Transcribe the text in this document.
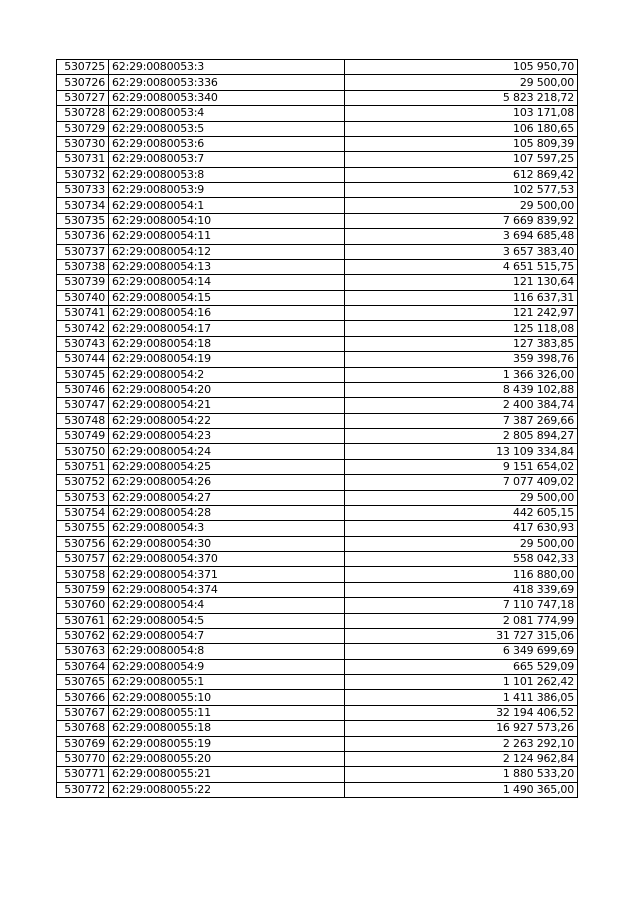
530725	62:29:0080053:3	105 950,70
530726	62:29:0080053:336	29 500,00
530727	62:29:0080053:340	5 823 218,72
530728	62:29:0080053:4	103 171,08
530729	62:29:0080053:5	106 180,65
530730	62:29:0080053:6	105 809,39
530731	62:29:0080053:7	107 597,25
530732	62:29:0080053:8	612 869,42
530733	62:29:0080053:9	102 577,53
530734	62:29:0080054:1	29 500,00
530735	62:29:0080054:10	7 669 839,92
530736	62:29:0080054:11	3 694 685,48
530737	62:29:0080054:12	3 657 383,40
530738	62:29:0080054:13	4 651 515,75
530739	62:29:0080054:14	121 130,64
530740	62:29:0080054:15	116 637,31
530741	62:29:0080054:16	121 242,97
530742	62:29:0080054:17	125 118,08
530743	62:29:0080054:18	127 383,85
530744	62:29:0080054:19	359 398,76
530745	62:29:0080054:2	1 366 326,00
530746	62:29:0080054:20	8 439 102,88
530747	62:29:0080054:21	2 400 384,74
530748	62:29:0080054:22	7 387 269,66
530749	62:29:0080054:23	2 805 894,27
530750	62:29:0080054:24	13 109 334,84
530751	62:29:0080054:25	9 151 654,02
530752	62:29:0080054:26	7 077 409,02
530753	62:29:0080054:27	29 500,00
530754	62:29:0080054:28	442 605,15
530755	62:29:0080054:3	417 630,93
530756	62:29:0080054:30	29 500,00
530757	62:29:0080054:370	558 042,33
530758	62:29:0080054:371	116 880,00
530759	62:29:0080054:374	418 339,69
530760	62:29:0080054:4	7 110 747,18
530761	62:29:0080054:5	2 081 774,99
530762	62:29:0080054:7	31 727 315,06
530763	62:29:0080054:8	6 349 699,69
530764	62:29:0080054:9	665 529,09
530765	62:29:0080055:1	1 101 262,42
530766	62:29:0080055:10	1 411 386,05
530767	62:29:0080055:11	32 194 406,52
530768	62:29:0080055:18	16 927 573,26
530769	62:29:0080055:19	2 263 292,10
530770	62:29:0080055:20	2 124 962,84
530771	62:29:0080055:21	1 880 533,20
530772	62:29:0080055:22	1 490 365,00
